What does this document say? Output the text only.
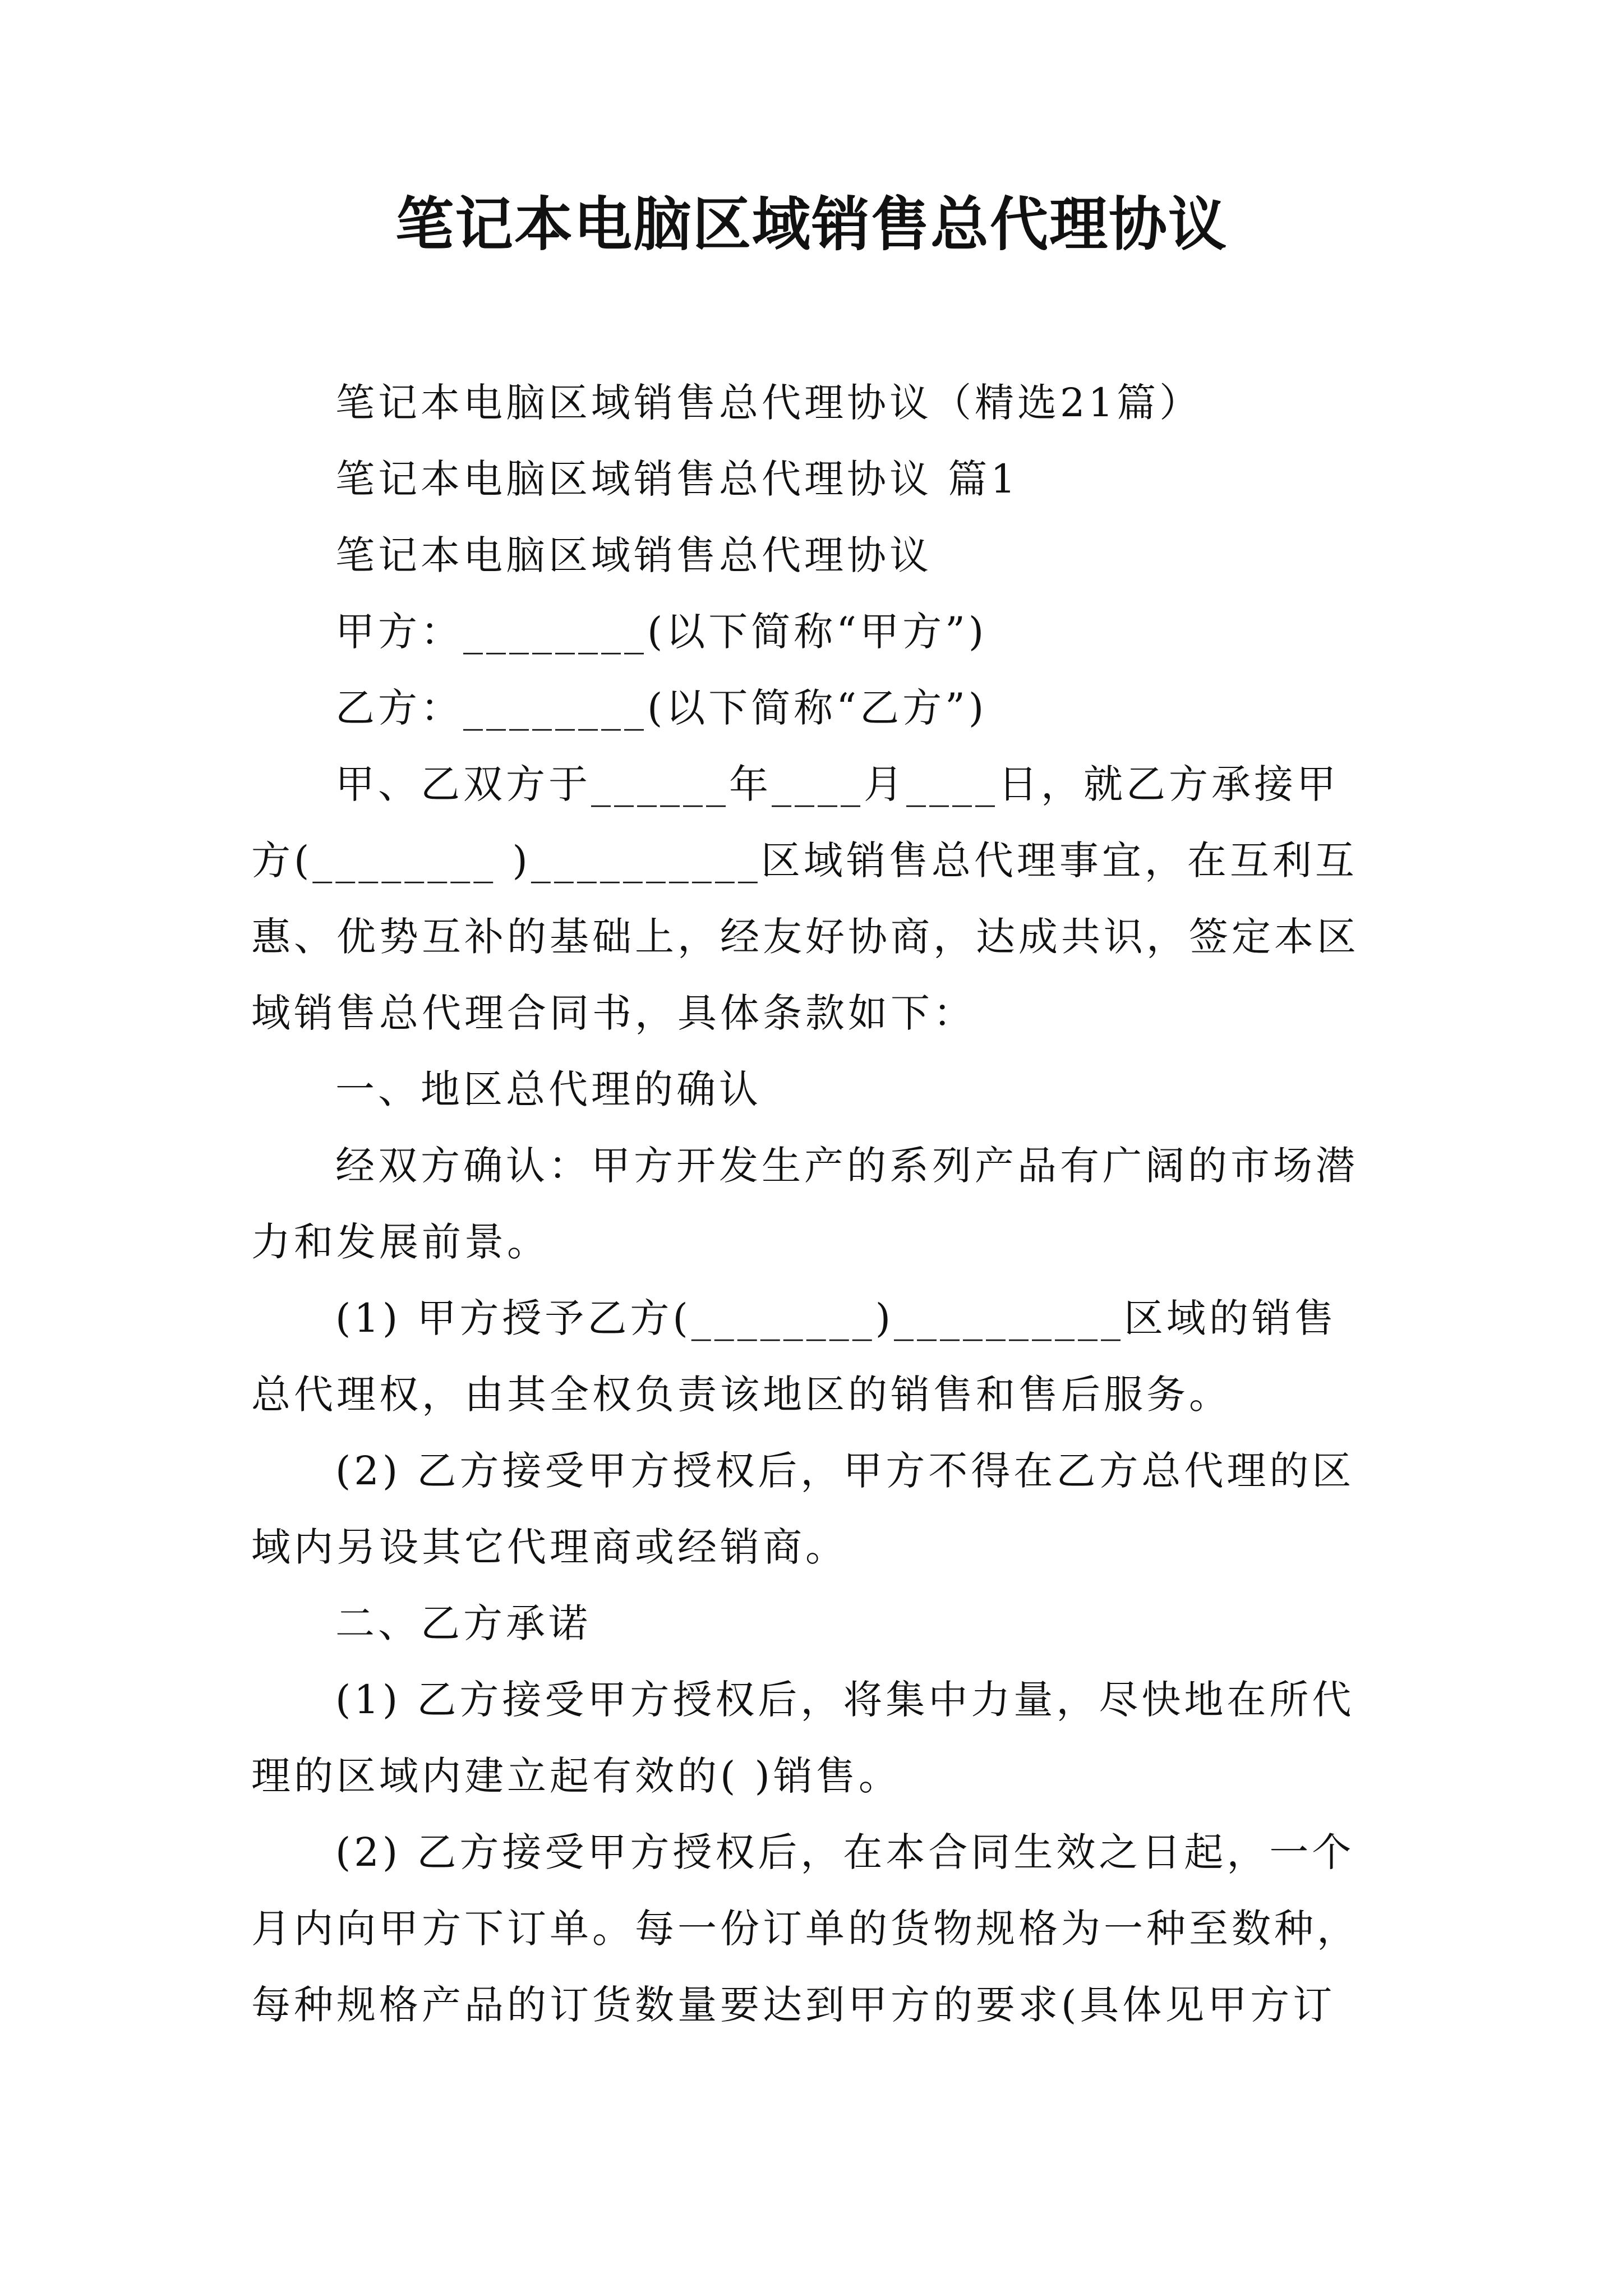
笔记本电脑区域销售总代理协议

笔记本电脑区域销售总代理协议（精选21篇）

笔记本电脑区域销售总代理协议 篇1

笔记本电脑区域销售总代理协议

甲方：________(以下简称“甲方”)

乙方：________(以下简称“乙方”)

甲、乙双方于______年____月____日，就乙方承接甲方(________ )__________区域销售总代理事宜，在互利互惠、优势互补的基础上，经友好协商，达成共识，签定本区域销售总代理合同书，具体条款如下：

一、地区总代理的确认

经双方确认：甲方开发生产的系列产品有广阔的市场潜力和发展前景。

(1) 甲方授予乙方(________)__________区域的销售总代理权，由其全权负责该地区的销售和售后服务。

(2) 乙方接受甲方授权后，甲方不得在乙方总代理的区域内另设其它代理商或经销商。

二、乙方承诺

(1) 乙方接受甲方授权后，将集中力量，尽快地在所代理的区域内建立起有效的( )销售。

(2) 乙方接受甲方授权后，在本合同生效之日起，一个月内向甲方下订单。每一份订单的货物规格为一种至数种，每种规格产品的订货数量要达到甲方的要求(具体见甲方订
